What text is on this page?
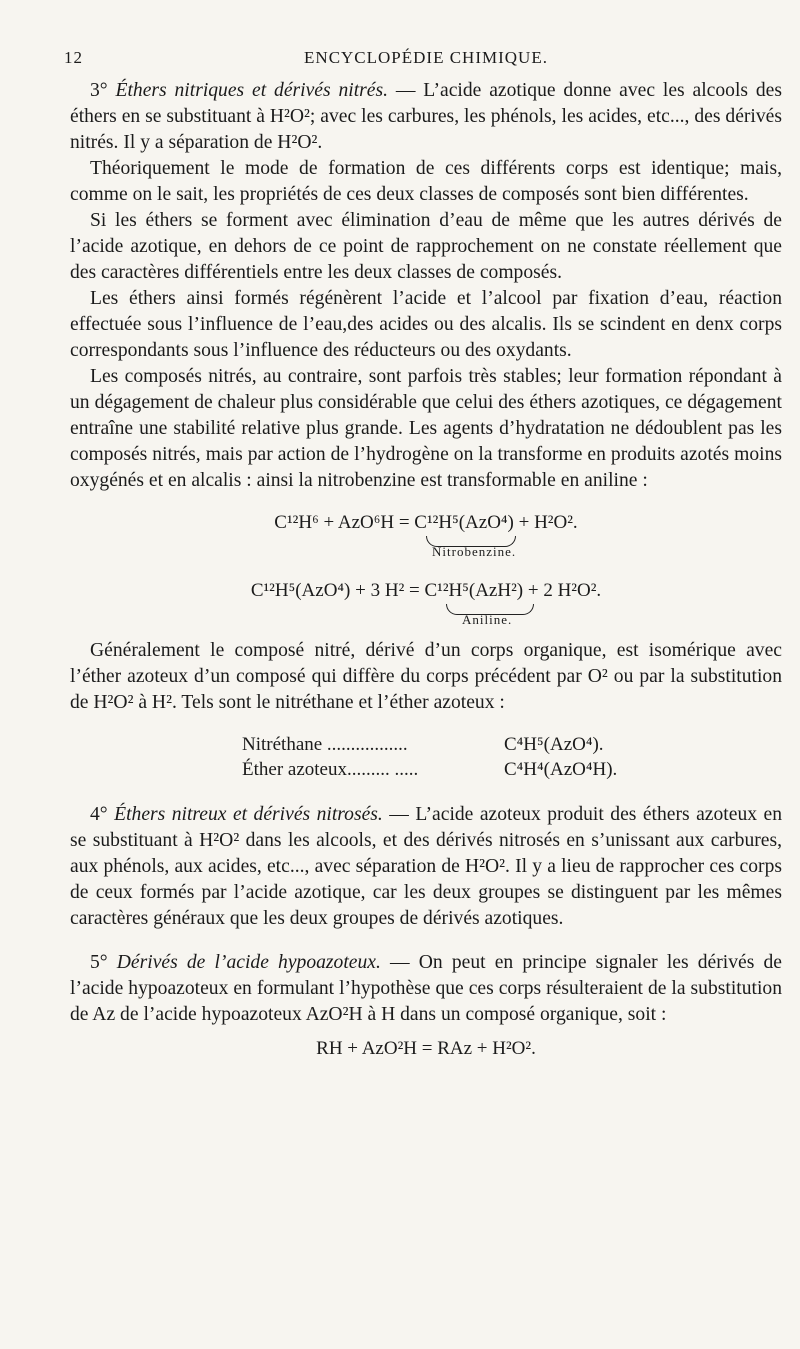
12	ENCYCLOPÉDIE CHIMIQUE.

3° Éthers nitriques et dérivés nitrés. — L’acide azotique donne avec les alcools des éthers en se substituant à H²O²; avec les carbures, les phénols, les acides, etc..., des dérivés nitrés. Il y a séparation de H²O².

Théoriquement le mode de formation de ces différents corps est identique; mais, comme on le sait, les propriétés de ces deux classes de composés sont bien différentes.

Si les éthers se forment avec élimination d’eau de même que les autres dérivés de l’acide azotique, en dehors de ce point de rapprochement on ne constate réellement que des caractères différentiels entre les deux classes de composés.

Les éthers ainsi formés régénèrent l’acide et l’alcool par fixation d’eau, réaction effectuée sous l’influence de l’eau,des acides ou des alcalis. Ils se scindent en denx corps correspondants sous l’influence des réducteurs ou des oxydants.

Les composés nitrés, au contraire, sont parfois très stables; leur formation répondant à un dégagement de chaleur plus considérable que celui des éthers azotiques, ce dégagement entraîne une stabilité relative plus grande. Les agents d’hydratation ne dédoublent pas les composés nitrés, mais par action de l’hydrogène on la transforme en produits azotés moins oxygénés et en alcalis : ainsi la nitrobenzine est transformable en aniline :

C¹²H⁶ + AzO⁶H = C¹²H⁵(AzO⁴) + H²O².
Nitrobenzine.
C¹²H⁵(AzO⁴) + 3 H² = C¹²H⁵(AzH²) + 2 H²O².
Aniline.

Généralement le composé nitré, dérivé d’un corps organique, est isomérique avec l’éther azoteux d’un composé qui diffère du corps précédent par O² ou par la substitution de H²O² à H². Tels sont le nitréthane et l’éther azoteux :

Nitréthane .................	C⁴H⁵(AzO⁴).
Éther azoteux......... .....	C⁴H⁴(AzO⁴H).

4° Éthers nitreux et dérivés nitrosés. — L’acide azoteux produit des éthers azoteux en se substituant à H²O² dans les alcools, et des dérivés nitrosés en s’unissant aux carbures, aux phénols, aux acides, etc..., avec séparation de H²O². Il y a lieu de rapprocher ces corps de ceux formés par l’acide azotique, car les deux groupes se distinguent par les mêmes caractères généraux que les deux groupes de dérivés azotiques.

5° Dérivés de l’acide hypoazoteux. — On peut en principe signaler les dérivés de l’acide hypoazoteux en formulant l’hypothèse que ces corps résulteraient de la substitution de Az de l’acide hypoazoteux AzO²H à H dans un composé organique, soit :

RH + AzO²H = RAz + H²O².
